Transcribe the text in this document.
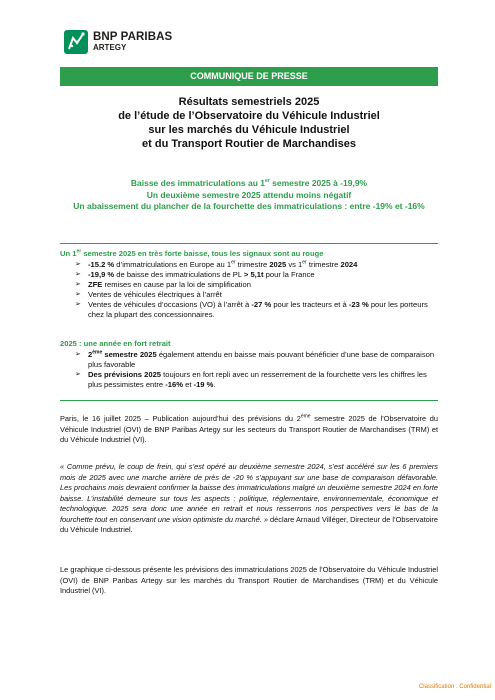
BNP PARIBAS
ARTEGY
COMMUNIQUE DE PRESSE
Résultats semestriels 2025
de l’étude de l’Observatoire du Véhicule Industriel
sur les marchés du Véhicule Industriel
et du Transport Routier de Marchandises
Baisse des immatriculations au 1er semestre 2025 à -19,9%
Un deuxième semestre 2025 attendu moins négatif
Un abaissement du plancher de la fourchette des immatriculations : entre -19% et -16%
Un 1er semestre 2025 en très forte baisse, tous les signaux sont au rouge
➢ -15.2 % d’immatriculations en Europe au 1er trimestre 2025 vs 1er trimestre 2024
➢ -19,9 % de baisse des immatriculations de PL > 5,1t pour la France
➢ ZFE remises en cause par la loi de simplification
➢ Ventes de véhicules électriques à l’arrêt
➢ Ventes de véhicules d’occasions (VO) à l’arrêt à -27 % pour les tracteurs et à -23 % pour les porteurs chez la plupart des concessionnaires.
2025 : une année en fort retrait
➢ 2ème semestre 2025 également attendu en baisse mais pouvant bénéficier d’une base de comparaison plus favorable
➢ Des prévisions 2025 toujours en fort repli avec un resserrement de la fourchette vers les chiffres les plus pessimistes entre -16% et -19 %.
Paris, le 16 juillet 2025 – Publication aujourd’hui des prévisions du 2ème semestre 2025 de l’Observatoire du Véhicule Industriel (OVI) de BNP Paribas Artegy sur les secteurs du Transport Routier de Marchandises (TRM) et du Véhicule Industriel (VI).
« Comme prévu, le coup de frein, qui s’est opéré au deuxième semestre 2024, s’est accéléré sur les 6 premiers mois de 2025 avec une marche arrière de près de -20 % s’appuyant sur une base de comparaison défavorable. Les prochains mois devraient confirmer la baisse des immatriculations malgré un deuxième semestre 2024 en forte baisse. L’instabilité demeure sur tous les aspects : politique, réglementaire, environnementale, économique et technologique. 2025 sera donc une année en retrait et nous resserrons nos perspectives vers le bas de la fourchette tout en conservant une vision optimiste du marché. » déclare Arnaud Villéger, Directeur de l’Observatoire du Véhicule Industriel.
Le graphique ci-dessous présente les prévisions des immatriculations 2025 de l’Observatoire du Véhicule Industriel (OVI) de BNP Paribas Artegy sur les marchés du Transport Routier de Marchandises (TRM) et du Véhicule Industriel (VI).
Classification : Confidential
